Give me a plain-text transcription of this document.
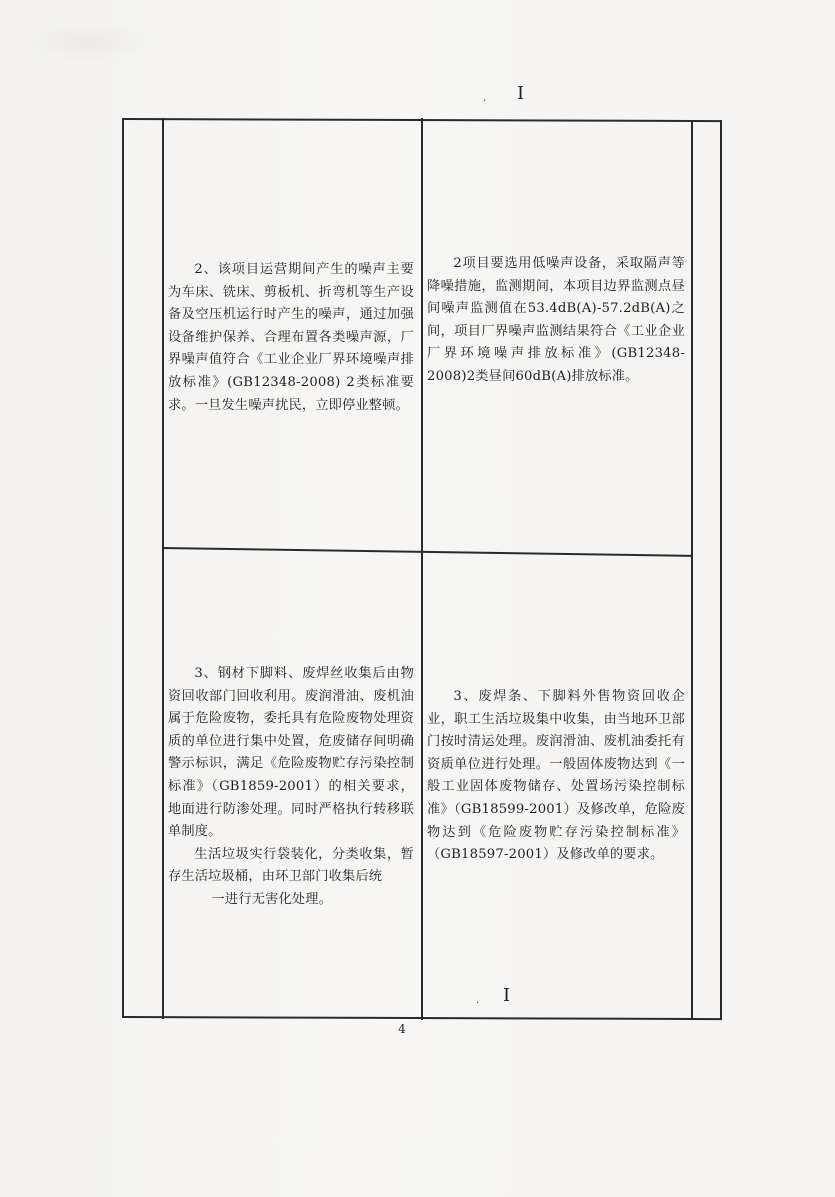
. I
. I

2、该项目运营期间产生的噪声主要为车床、铣床、剪板机、折弯机等生产设备及空压机运行时产生的噪声，通过加强设备维护保养、合理布置各类噪声源，厂界噪声值符合《工业企业厂界环境噪声排放标准》(GB12348-2008) 2类标准要求。一旦发生噪声扰民，立即停业整顿。

2项目要选用低噪声设备，采取隔声等降噪措施，监测期间，本项目边界监测点昼间噪声监测值在53.4dB(A)-57.2dB(A)之间，项目厂界噪声监测结果符合《工业企业厂界环境噪声排放标准》(GB12348-2008)2类昼间60dB(A)排放标准。

3、钢材下脚料、废焊丝收集后由物资回收部门回收利用。废润滑油、废机油属于危险废物，委托具有危险废物处理资质的单位进行集中处置，危废储存间明确警示标识，满足《危险废物贮存污染控制标准》（GB1859-2001）的相关要求，地面进行防渗处理。同时严格执行转移联单制度。

生活垃圾实行袋装化，分类收集，暂存生活垃圾桶，由环卫部门收集后统

一进行无害化处理。

3、废焊条、下脚料外售物资回收企业，职工生活垃圾集中收集，由当地环卫部门按时清运处理。废润滑油、废机油委托有资质单位进行处理。一般固体废物达到《一般工业固体废物储存、处置场污染控制标准》（GB18599-2001）及修改单，危险废物达到《危险废物贮存污染控制标准》（GB18597-2001）及修改单的要求。

4
